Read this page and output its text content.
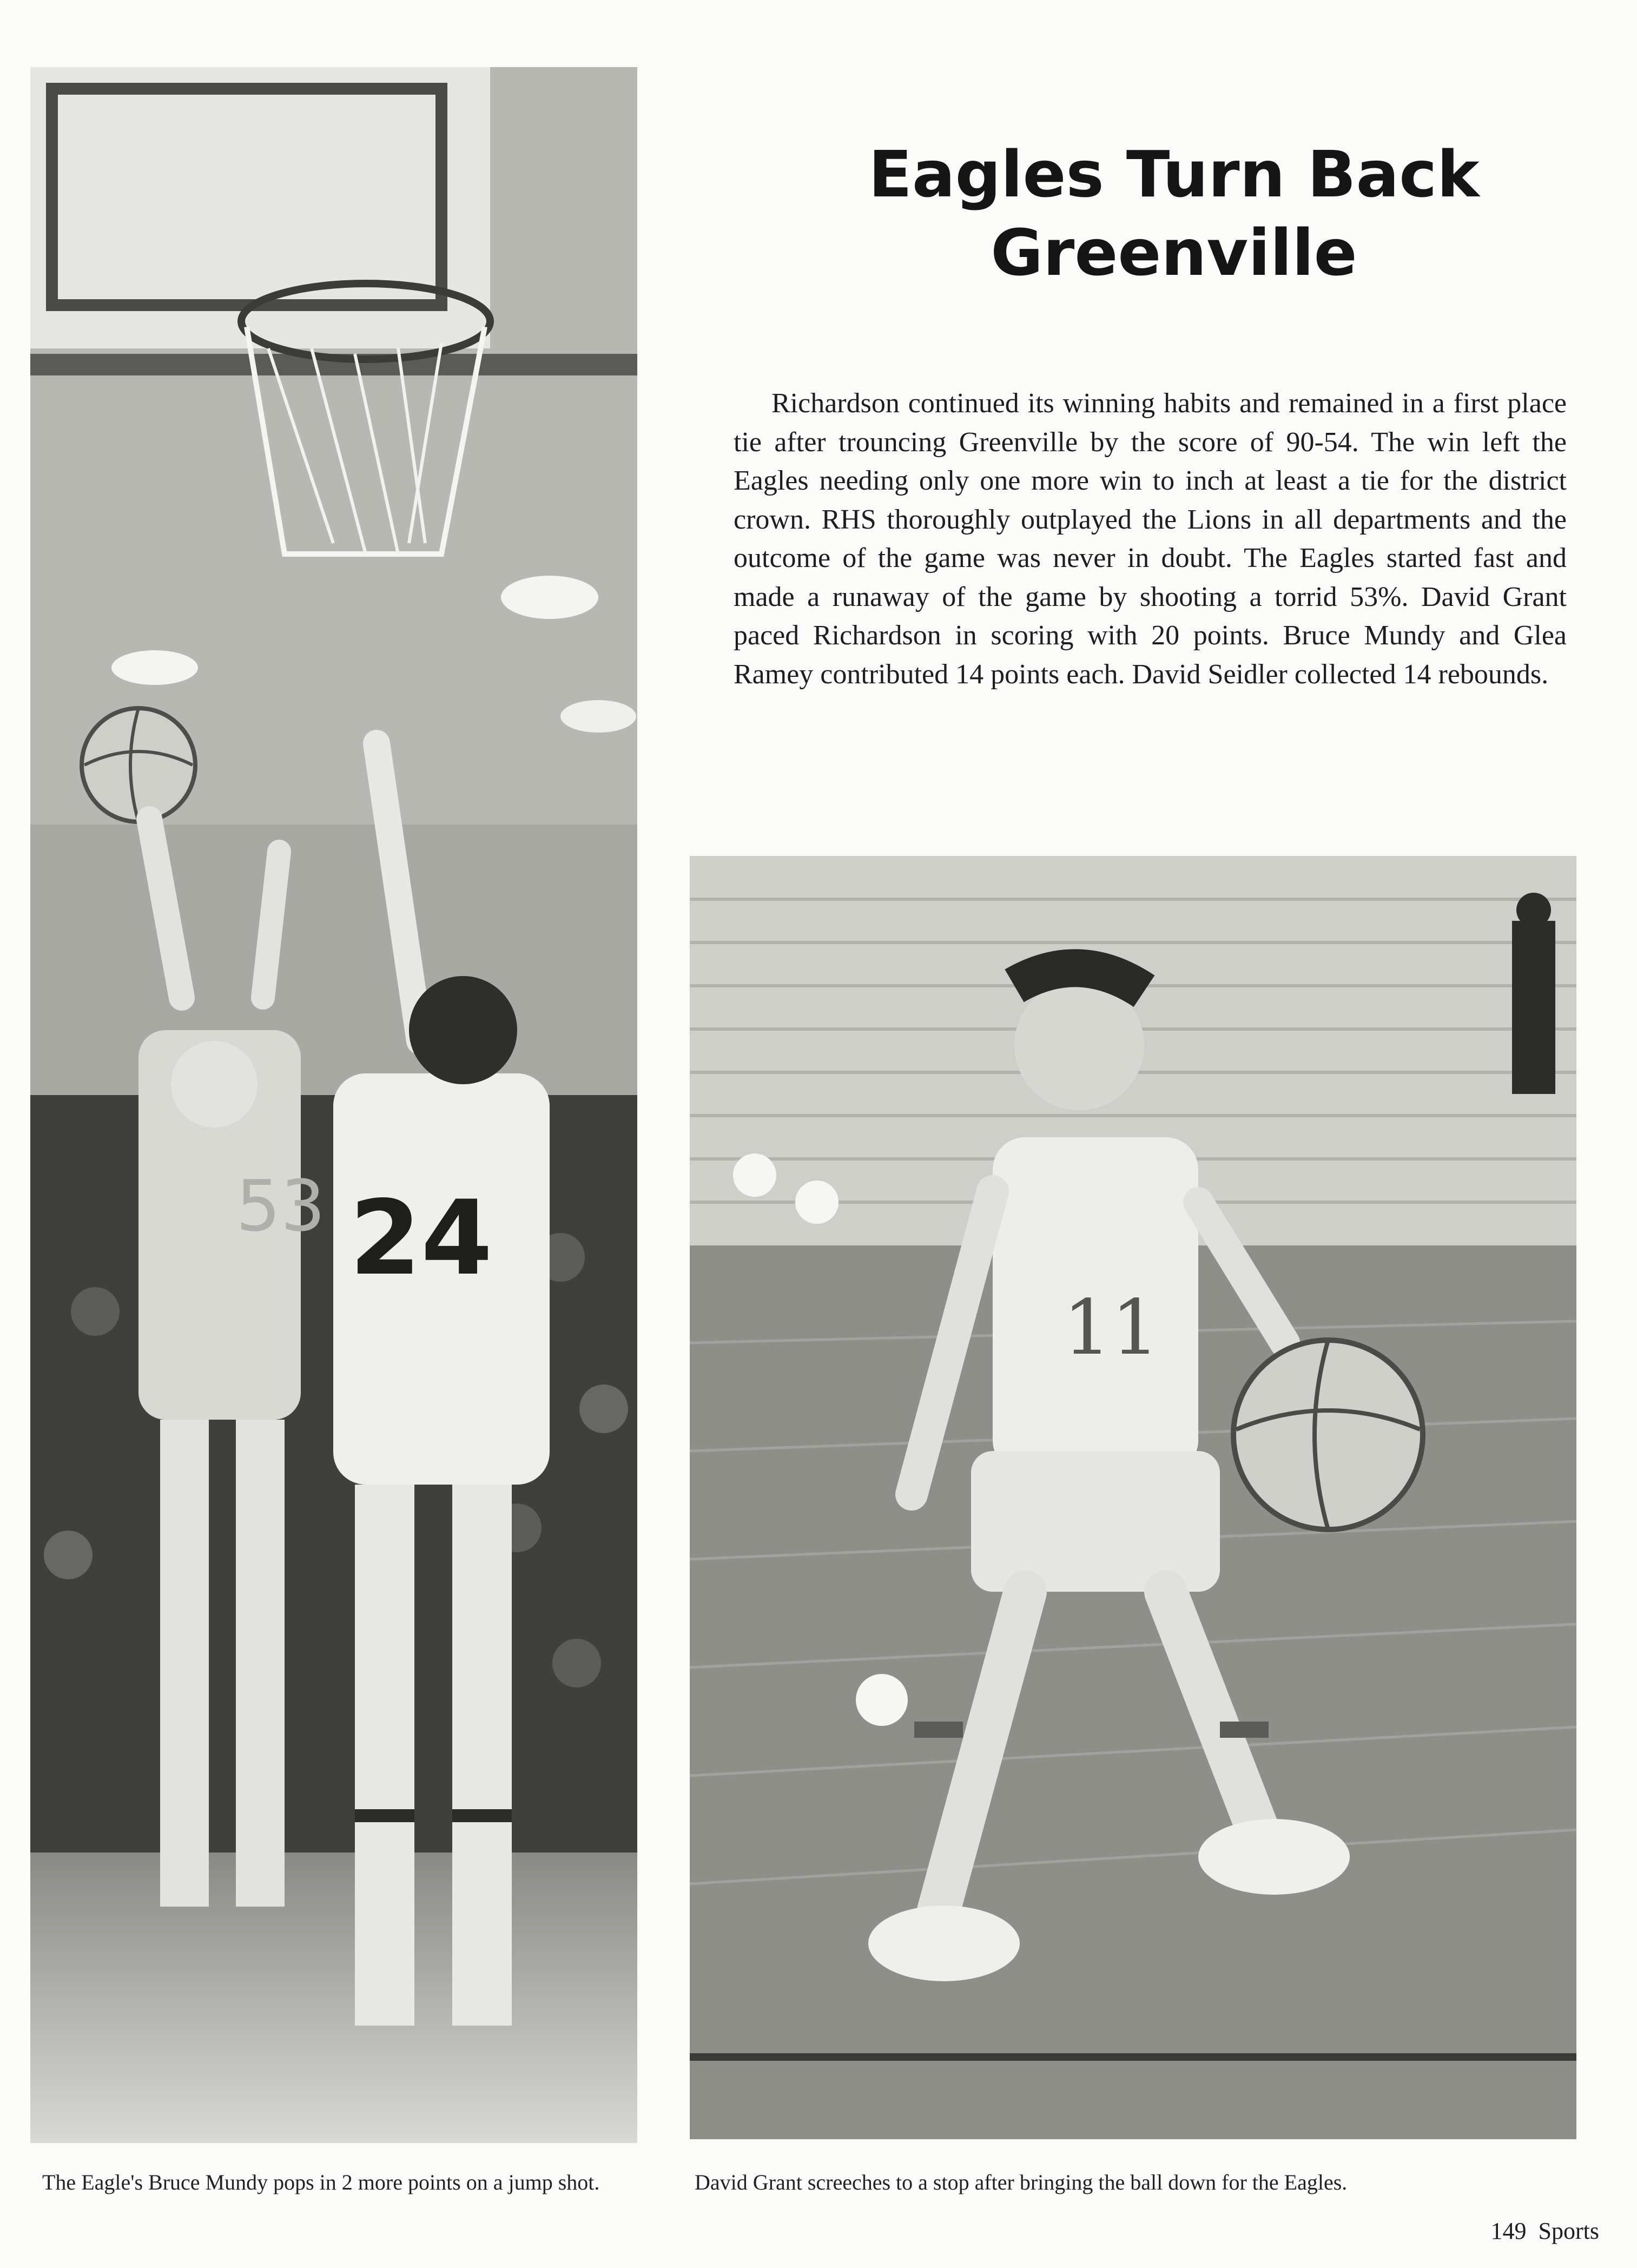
53 24
Eagles Turn Back
Greenville

Richardson continued its winning habits and remained in a first place tie after trouncing Greenville by the score of 90-54. The win left the Eagles needing only one more win to inch at least a tie for the district crown. RHS thoroughly outplayed the Lions in all departments and the outcome of the game was never in doubt. The Eagles started fast and made a runaway of the game by shooting a torrid 53%. David Grant paced Richardson in scoring with 20 points. Bruce Mundy and Glea Ramey contributed 14 points each. David Seidler collected 14 rebounds.

11

The Eagle's Bruce Mundy pops in 2 more points on a jump shot.	David Grant screeches to a stop after bringing the ball down for the Eagles.

149 Sports
